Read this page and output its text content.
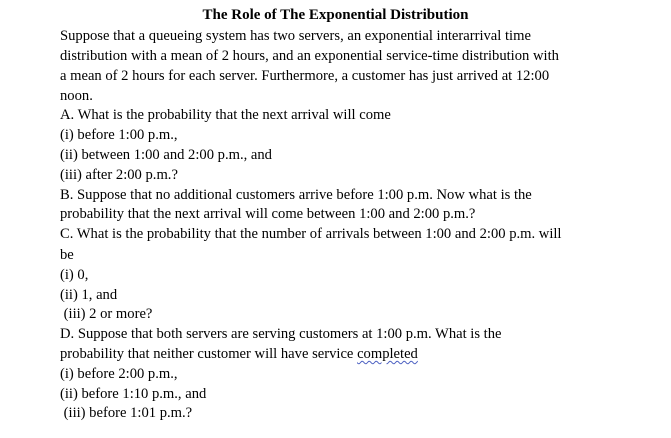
The Role of The Exponential Distribution
Suppose that a queueing system has two servers, an exponential interarrival time
distribution with a mean of 2 hours, and an exponential service-time distribution with
a mean of 2 hours for each server. Furthermore, a customer has just arrived at 12:00
noon.
A. What is the probability that the next arrival will come
(i) before 1:00 p.m.,
(ii) between 1:00 and 2:00 p.m., and
(iii) after 2:00 p.m.?
B. Suppose that no additional customers arrive before 1:00 p.m. Now what is the
probability that the next arrival will come between 1:00 and 2:00 p.m.?
C. What is the probability that the number of arrivals between 1:00 and 2:00 p.m. will
be
(i) 0,
(ii) 1, and
(iii) 2 or more?
D. Suppose that both servers are serving customers at 1:00 p.m. What is the
probability that neither customer will have service completed
(i) before 2:00 p.m.,
(ii) before 1:10 p.m., and
(iii) before 1:01 p.m.?
